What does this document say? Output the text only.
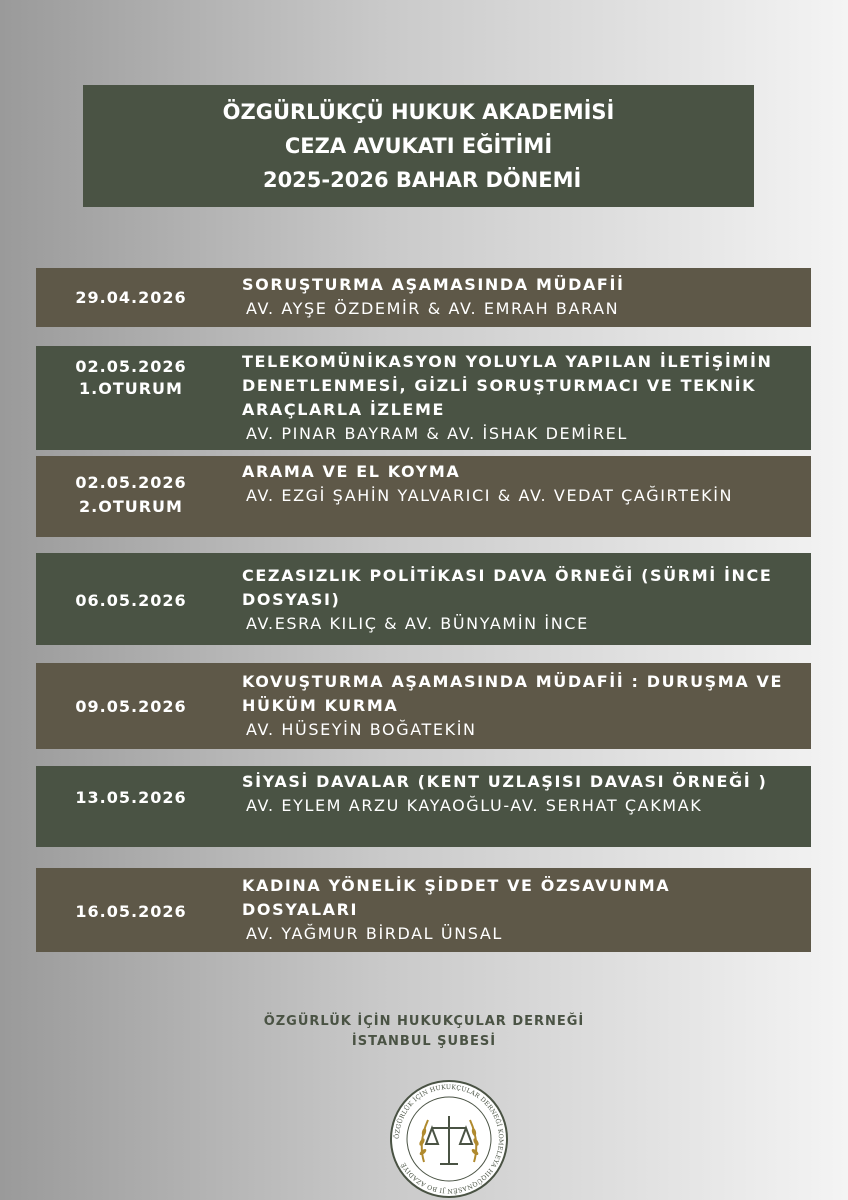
ÖZGÜRLÜKÇÜ HUKUK AKADEMİSİ
CEZA AVUKATI EĞİTİMİ
2025-2026 BAHAR DÖNEMİ
29.04.2026
SORUŞTURMA AŞAMASINDA MÜDAFİİ
AV. AYŞE ÖZDEMİR & AV. EMRAH BARAN
02.05.2026
1.OTURUM
TELEKOMÜNİKASYON YOLUYLA YAPILAN İLETİŞİMİN DENETLENMESİ, GİZLİ SORUŞTURMACI VE TEKNİK ARAÇLARLA İZLEME
AV. PINAR BAYRAM & AV. İSHAK DEMİREL
02.05.2026
2.OTURUM
ARAMA VE EL KOYMA
AV. EZGİ ŞAHİN YALVARICI & AV. VEDAT ÇAĞIRTEKİN
06.05.2026
CEZASIZLIK POLİTİKASI DAVA ÖRNEĞİ (SÜRMİ İNCE DOSYASI)
AV.ESRA KILIÇ & AV. BÜNYAMİN İNCE
09.05.2026
KOVUŞTURMA AŞAMASINDA MÜDAFİİ : DURUŞMA VE HÜKÜM KURMA
AV. HÜSEYİN BOĞATEKİN
13.05.2026
SİYASİ DAVALAR (KENT UZLAŞISI DAVASI ÖRNEĞİ )
AV. EYLEM ARZU KAYAOĞLU-AV. SERHAT ÇAKMAK
16.05.2026
KADINA YÖNELİK ŞİDDET VE ÖZSAVUNMA DOSYALARI
AV. YAĞMUR BİRDAL ÜNSAL
ÖZGÜRLÜK İÇİN HUKUKÇULAR DERNEĞİ
İSTANBUL ŞUBESİ
ÖZGÜRLÜK İÇİN HUKUKÇULAR DERNEĞİ KOMELEYA HIQÛQNASÊN JI BO AZADIYÊ
